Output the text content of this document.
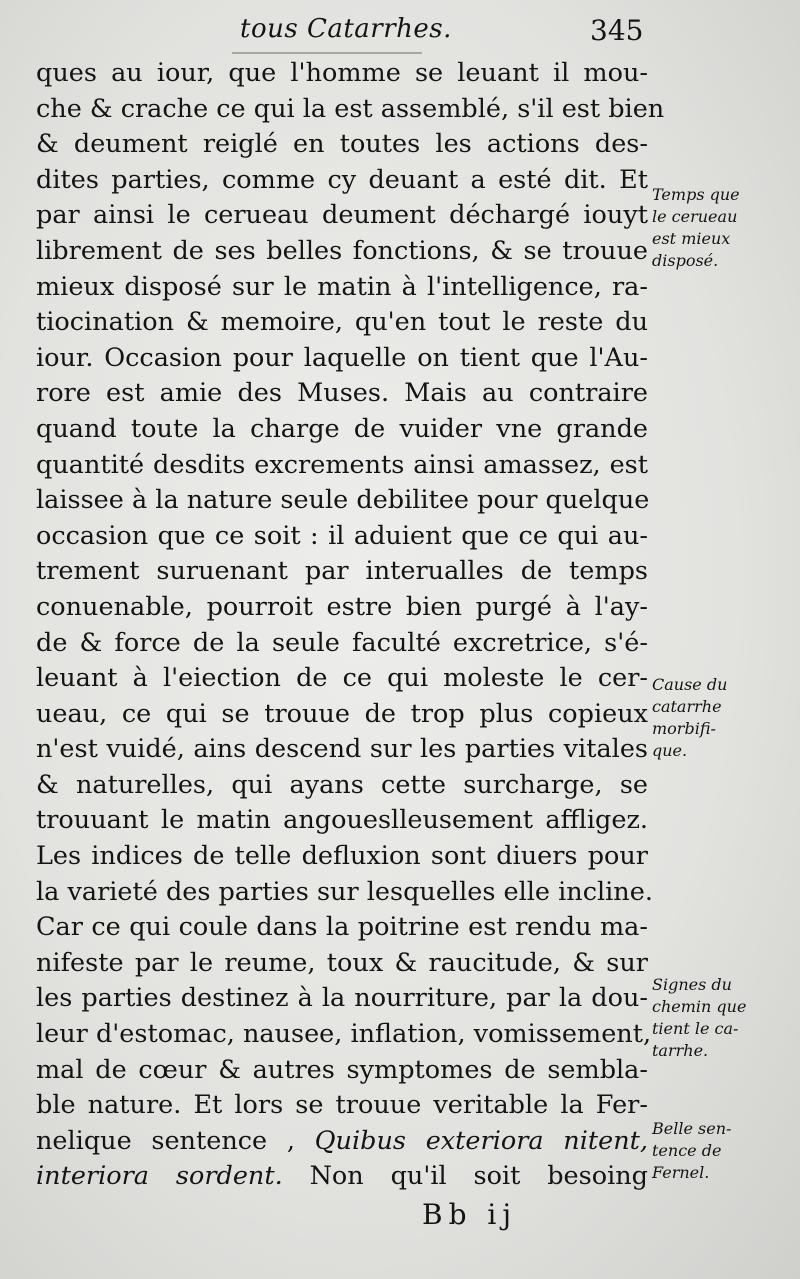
tous Catarrhes.	345
ques au iour, que l'homme se leuant il mou-
che & crache ce qui la est assemblé, s'il est bien
& deument reiglé en toutes les actions des-
dites parties, comme cy deuant a esté dit. Et
par ainsi le cerueau deument déchargé iouyt
librement de ses belles fonctions, & se trouue
mieux disposé sur le matin à l'intelligence, ra-
tiocination & memoire, qu'en tout le reste du
iour. Occasion pour laquelle on tient que l'Au-
rore est amie des Muses. Mais au contraire
quand toute la charge de vuider vne grande
quantité desdits excrements ainsi amassez, est
laissee à la nature seule debilitee pour quelque
occasion que ce soit : il aduient que ce qui au-
trement suruenant par interualles de temps
conuenable, pourroit estre bien purgé à l'ay-
de & force de la seule faculté excretrice, s'é-
leuant à l'eiection de ce qui moleste le cer-
ueau, ce qui se trouue de trop plus copieux
n'est vuidé, ains descend sur les parties vitales
& naturelles, qui ayans cette surcharge, se
trouuant le matin angoueslleusement affligez.
Les indices de telle defluxion sont diuers pour
la varieté des parties sur lesquelles elle incline.
Car ce qui coule dans la poitrine est rendu ma-
nifeste par le reume, toux & raucitude, & sur
les parties destinez à la nourriture, par la dou-
leur d'estomac, nausee, inflation, vomissement,
mal de cœur & autres symptomes de sembla-
ble nature. Et lors se trouue veritable la Fer-
nelique sentence , Quibus exteriora nitent,
interiora sordent. Non qu'il soit besoing
Temps que
le cerueau
est mieux
disposé.
Cause du
catarrhe
morbifi-
que.
Signes du
chemin que
tient le ca-
tarrhe.
Belle sen-
tence de
Fernel.
Bb ij
